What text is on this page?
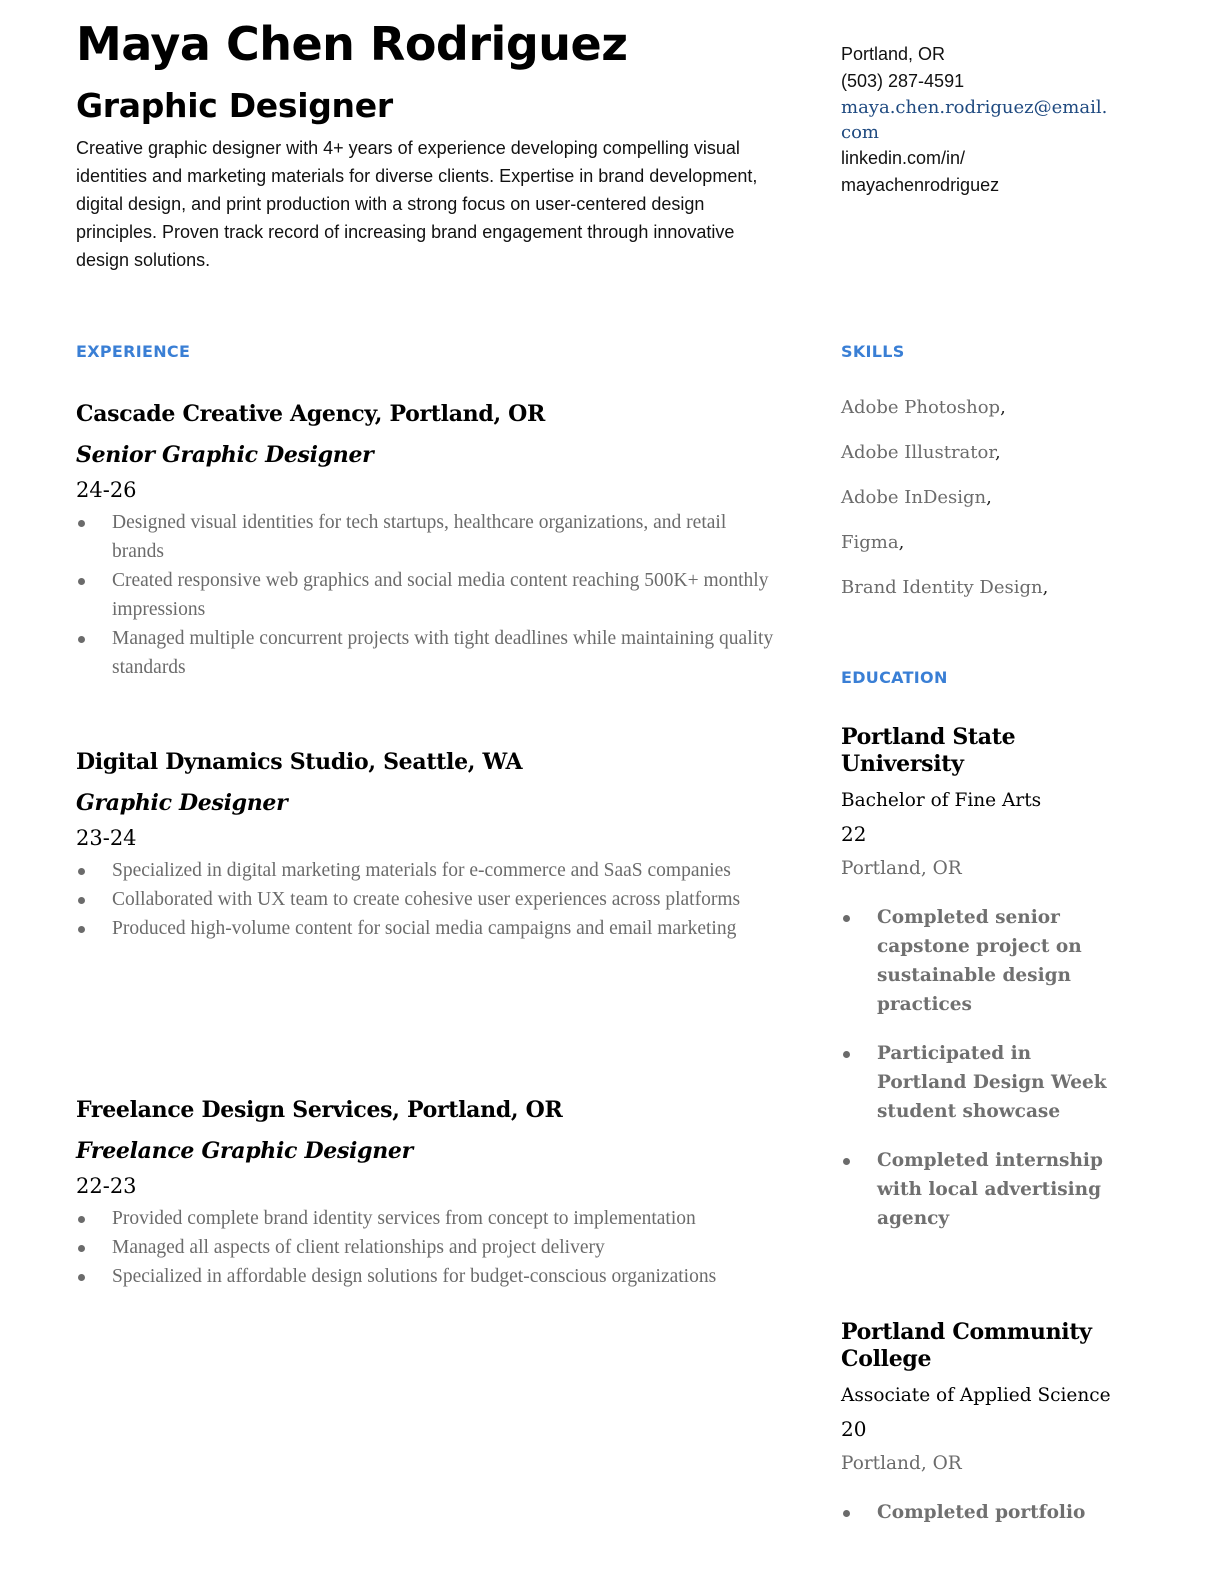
Maya Chen Rodriguez
Graphic Designer

Creative graphic designer with 4+ years of experience developing compelling visual identities and marketing materials for diverse clients. Expertise in brand development, digital design, and print production with a strong focus on user-centered design principles. Proven track record of increasing brand engagement through innovative design solutions.

EXPERIENCE
Cascade Creative Agency, Portland, OR
Senior Graphic Designer
24-26
Designed visual identities for tech startups, healthcare organizations, and retail brands
Created responsive web graphics and social media content reaching 500K+ monthly impressions
Managed multiple concurrent projects with tight deadlines while maintaining quality standards
Digital Dynamics Studio, Seattle, WA
Graphic Designer
23-24
Specialized in digital marketing materials for e-commerce and SaaS companies
Collaborated with UX team to create cohesive user experiences across platforms
Produced high-volume content for social media campaigns and email marketing
Freelance Design Services, Portland, OR
Freelance Graphic Designer
22-23
Provided complete brand identity services from concept to implementation
Managed all aspects of client relationships and project delivery
Specialized in affordable design solutions for budget-conscious organizations
Portland, OR
(503) 287-4591
maya.chen.rodriguez@email.
com
linkedin.com/in/
mayachenrodriguez
SKILLS
Adobe Photoshop,
Adobe Illustrator,
Adobe InDesign,
Figma,
Brand Identity Design,
EDUCATION
Portland State University
Bachelor of Fine Arts
22
Portland, OR
Completed senior capstone project on sustainable design practices
Participated in Portland Design Week student showcase
Completed internship with local advertising agency
Portland Community College
Associate of Applied Science
20
Portland, OR
Completed portfolio
